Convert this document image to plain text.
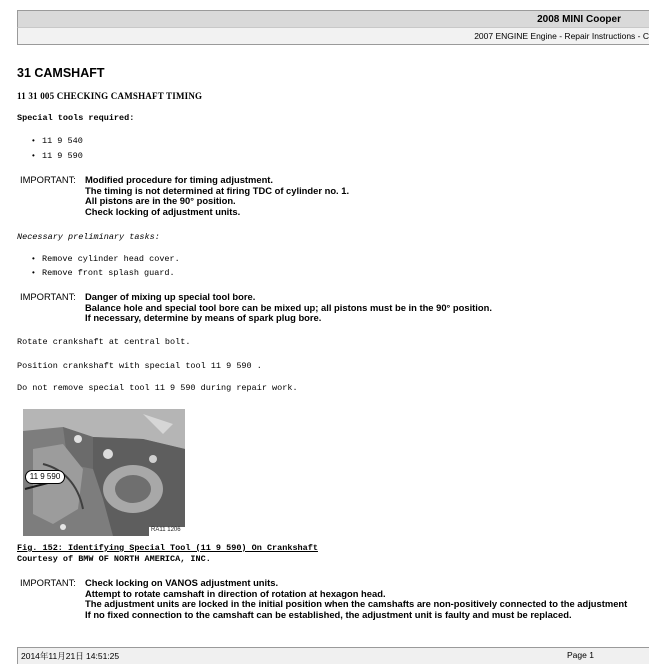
2008 MINI Cooper
2007 ENGINE Engine - Repair Instructions - C
31 CAMSHAFT
11 31 005 CHECKING CAMSHAFT TIMING
Special tools required:
• 11 9 540
• 11 9 590
IMPORTANT: Modified procedure for timing adjustment.
The timing is not determined at firing TDC of cylinder no. 1.
All pistons are in the 90° position.
Check locking of adjustment units.
Necessary preliminary tasks:
• Remove cylinder head cover.
• Remove front splash guard.
IMPORTANT: Danger of mixing up special tool bore.
Balance hole and special tool bore can be mixed up; all pistons must be in the 90° position.
If necessary, determine by means of spark plug bore.
Rotate crankshaft at central bolt.
Position crankshaft with special tool 11 9 590 .
Do not remove special tool 11 9 590 during repair work.
11 9 590
RA11 1206
Fig. 152: Identifying Special Tool (11 9 590) On Crankshaft
Courtesy of BMW OF NORTH AMERICA, INC.
IMPORTANT: Check locking on VANOS adjustment units.
Attempt to rotate camshaft in direction of rotation at hexagon head.
The adjustment units are locked in the initial position when the camshafts are non-positively connected to the adjustment
If no fixed connection to the camshaft can be established, the adjustment unit is faulty and must be replaced.
2014年11月21日 14:51:25	Page 1
